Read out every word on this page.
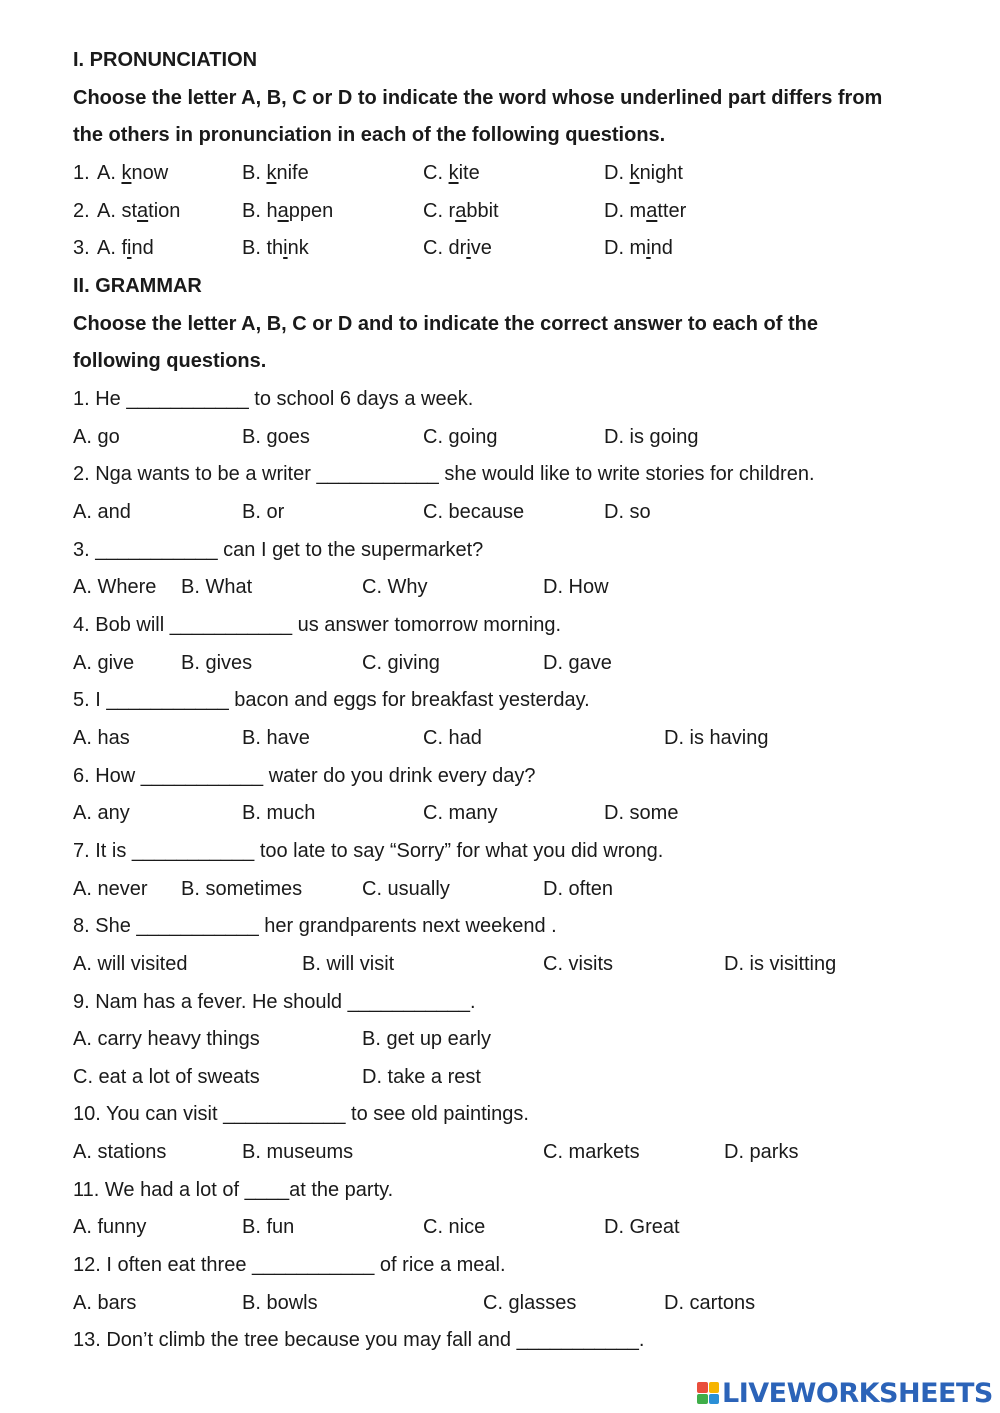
I. PRONUNCIATION
Choose the letter A, B, C or D to indicate the word whose underlined part differs from
the others in pronunciation in each of the following questions.
1. A. know	B. knife	C. kite	D. knight
2. A. station	B. happen	C. rabbit	D. matter
3. A. find	B. think	C. drive	D. mind
II. GRAMMAR
Choose the letter A, B, C or D and to indicate the correct answer to each of the
following questions.
1. He ___________ to school 6 days a week.
A. go	B. goes	C. going	D. is going
2. Nga wants to be a writer ___________ she would like to write stories for children.
A. and	B. or	C. because	D. so
3. ___________ can I get to the supermarket?
A. Where B. What	C. Why	D. How
4. Bob will ___________ us answer tomorrow morning.
A. give B. gives	C. giving	D. gave
5. I ___________ bacon and eggs for breakfast yesterday.
A. has	B. have	C. had	D. is having
6. How ___________ water do you drink every day?
A. any	B. much	C. many	D. some
7. It is ___________ too late to say “Sorry” for what you did wrong.
A. never B. sometimes	C. usually	D. often
8. She ___________ her grandparents next weekend .
A. will visited	B. will visit	C. visits	D. is visitting
9. Nam has a fever. He should ___________.
A. carry heavy things	B. get up early
C. eat a lot of sweats	D. take a rest
10. You can visit ___________ to see old paintings.
A. stations	B. museums	C. markets	D. parks
11. We had a lot of ____at the party.
A. funny	B. fun	C. nice	D. Great
12. I often eat three ___________ of rice a meal.
A. bars	B. bowls	C. glasses	D. cartons
13. Don’t climb the tree because you may fall and ___________.
LIVEWORKSHEETS
